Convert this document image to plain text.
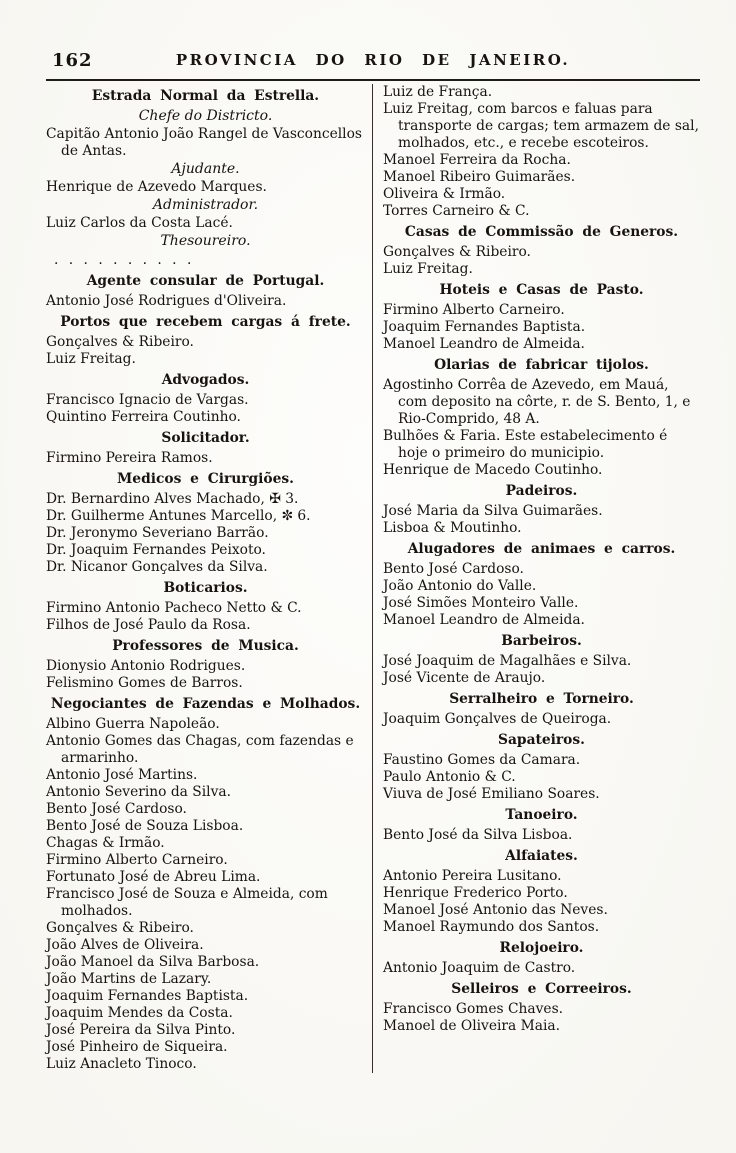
162	PROVINCIA DO RIO DE JANEIRO.
Estrada Normal da Estrella.
Chefe do Districto.
Capitão Antonio João Rangel de Vasconcellos de Antas.
Ajudante.
Henrique de Azevedo Marques.
Administrador.
Luiz Carlos da Costa Lacé.
Thesoureiro.
. . . . . . . . . .
Agente consular de Portugal.
Antonio José Rodrigues d'Oliveira.
Portos que recebem cargas á frete.
Gonçalves & Ribeiro.
Luiz Freitag.
Advogados.
Francisco Ignacio de Vargas.
Quintino Ferreira Coutinho.
Solicitador.
Firmino Pereira Ramos.
Medicos e Cirurgiões.
Dr. Bernardino Alves Machado, ✠ 3.
Dr. Guilherme Antunes Marcello, ✼ 6.
Dr. Jeronymo Severiano Barrão.
Dr. Joaquim Fernandes Peixoto.
Dr. Nicanor Gonçalves da Silva.
Boticarios.
Firmino Antonio Pacheco Netto & C.
Filhos de José Paulo da Rosa.
Professores de Musica.
Dionysio Antonio Rodrigues.
Felismino Gomes de Barros.
Negociantes de Fazendas e Molhados.
Albino Guerra Napoleão.
Antonio Gomes das Chagas, com fazendas e armarinho.
Antonio José Martins.
Antonio Severino da Silva.
Bento José Cardoso.
Bento José de Souza Lisboa.
Chagas & Irmão.
Firmino Alberto Carneiro.
Fortunato José de Abreu Lima.
Francisco José de Souza e Almeida, com molhados.
Gonçalves & Ribeiro.
João Alves de Oliveira.
João Manoel da Silva Barbosa.
João Martins de Lazary.
Joaquim Fernandes Baptista.
Joaquim Mendes da Costa.
José Pereira da Silva Pinto.
José Pinheiro de Siqueira.
Luiz Anacleto Tinoco.
Luiz de França.
Luiz Freitag, com barcos e faluas para transporte de cargas; tem armazem de sal, molhados, etc., e recebe escoteiros.
Manoel Ferreira da Rocha.
Manoel Ribeiro Guimarães.
Oliveira & Irmão.
Torres Carneiro & C.
Casas de Commissão de Generos.
Gonçalves & Ribeiro.
Luiz Freitag.
Hoteis e Casas de Pasto.
Firmino Alberto Carneiro.
Joaquim Fernandes Baptista.
Manoel Leandro de Almeida.
Olarias de fabricar tijolos.
Agostinho Corrêa de Azevedo, em Mauá, com deposito na côrte, r. de S. Bento, 1, e Rio-Comprido, 48 A.
Bulhões & Faria. Este estabelecimento é hoje o primeiro do municipio.
Henrique de Macedo Coutinho.
Padeiros.
José Maria da Silva Guimarães.
Lisboa & Moutinho.
Alugadores de animaes e carros.
Bento José Cardoso.
João Antonio do Valle.
José Simões Monteiro Valle.
Manoel Leandro de Almeida.
Barbeiros.
José Joaquim de Magalhães e Silva.
José Vicente de Araujo.
Serralheiro e Torneiro.
Joaquim Gonçalves de Queiroga.
Sapateiros.
Faustino Gomes da Camara.
Paulo Antonio & C.
Viuva de José Emiliano Soares.
Tanoeiro.
Bento José da Silva Lisboa.
Alfaiates.
Antonio Pereira Lusitano.
Henrique Frederico Porto.
Manoel José Antonio das Neves.
Manoel Raymundo dos Santos.
Relojoeiro.
Antonio Joaquim de Castro.
Selleiros e Correeiros.
Francisco Gomes Chaves.
Manoel de Oliveira Maia.
